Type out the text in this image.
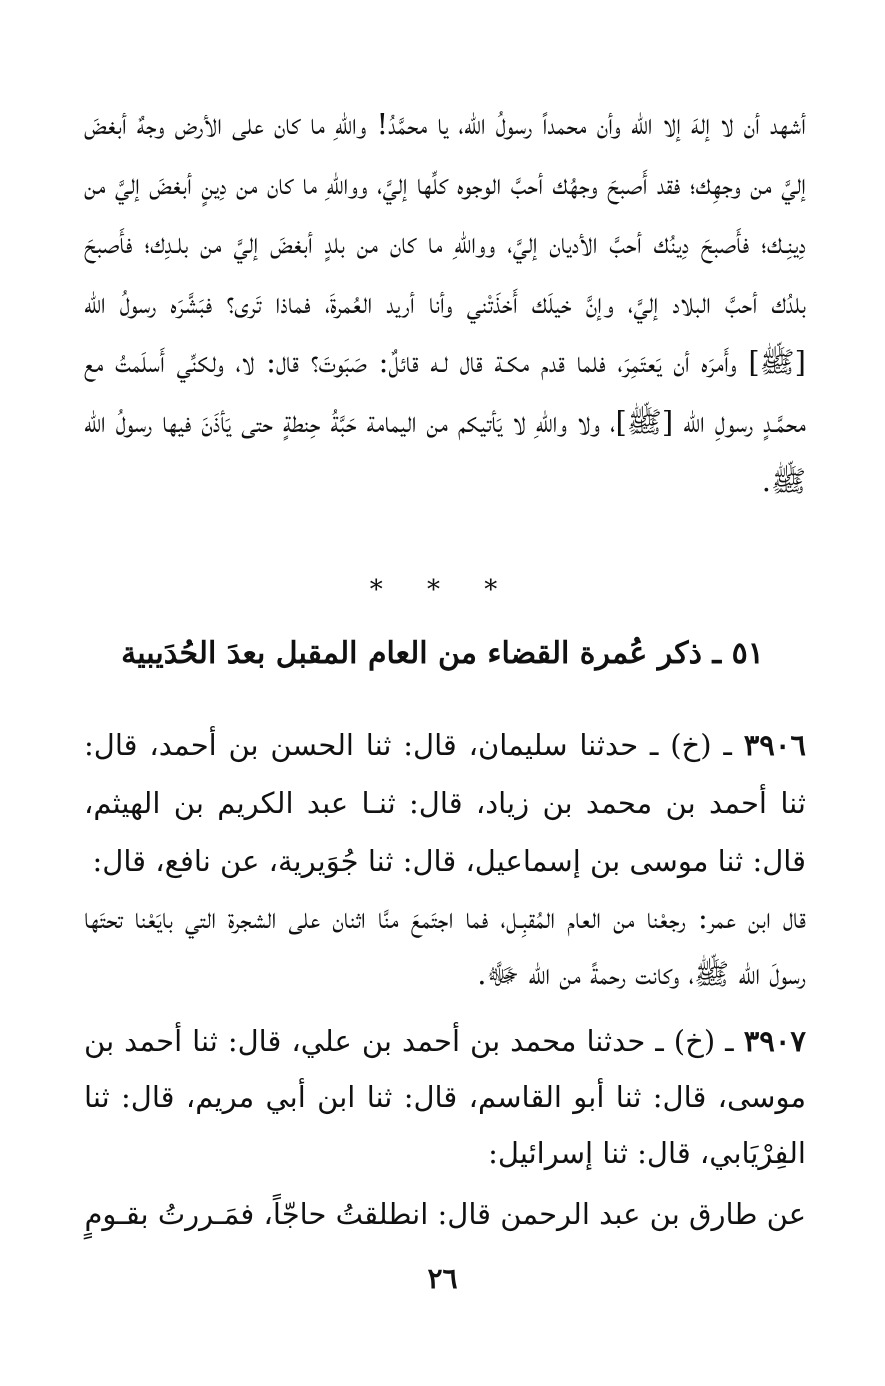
أشهد أن لا إلهَ إلا الله وأن محمداً رسولُ الله، يا محمَّدُ! واللهِ ما كان على الأرض وجهٌ أبغضَ إليَّ من وجهِك؛ فقد أَصبحَ وجهُك أحبَّ الوجوه كلِّها إليَّ، وواللهِ ما كان من دِينٍ أبغضَ إليَّ من دِينِـك؛ فأَصبحَ دِينُك أحبَّ الأديان إليَّ، وواللهِ ما كان من بلدٍ أبغضَ إليَّ من بلـدِك؛ فأَصبحَ بلدُك أحبَّ البلاد إليَّ، وإنَّ خيلَك أَخذَتْني وأنا أريد العُمرةَ، فماذا تَرى؟ فبَشَّرَه رسولُ الله [ﷺ] وأَمرَه أن يَعتَمِرَ، فلما قدم مكـة قال لـه قائلٌ: صَبَوتَ؟ قال: لا، ولكنِّي أَسلَمتُ مع محمَّـدٍ رسولِ الله [ﷺ]، ولا واللهِ لا يَأتيكم من اليمامة حَبَّةُ حِنطةٍ حتى يَأذَنَ فيها رسولُ الله ﷺ.

* * *
٥١ ـ ذكر عُمرة القضاء من العام المقبل بعدَ الحُدَيبية

٣٩٠٦ ـ (خ) ـ حدثنا سليمان، قال: ثنا الحسن بن أحمد، قال: ثنا أحمد بن محمد بن زياد، قال: ثنـا عبد الكريم بن الهيثم، قال: ثنا موسى بن إسماعيل، قال: ثنا جُوَيرية، عن نافع، قال:

قال ابن عمر: رجعْنا من العام المُقبِـل، فما اجتَمعَ منَّا اثنان على الشجرة التي بايَعْنا تحتَها رسولَ الله ﷺ، وكانت رحمةً من الله ﷻ.

٣٩٠٧ ـ (خ) ـ حدثنا محمد بن أحمد بن علي، قال: ثنا أحمد بن موسى، قال: ثنا أبو القاسم، قال: ثنا ابن أبي مريم، قال: ثنا الفِرْيَابي، قال: ثنا إسرائيل:

عن طارق بن عبد الرحمن قال: انطلقتُ حاجّاً، فمَـررتُ بقـومٍ

٢٦
